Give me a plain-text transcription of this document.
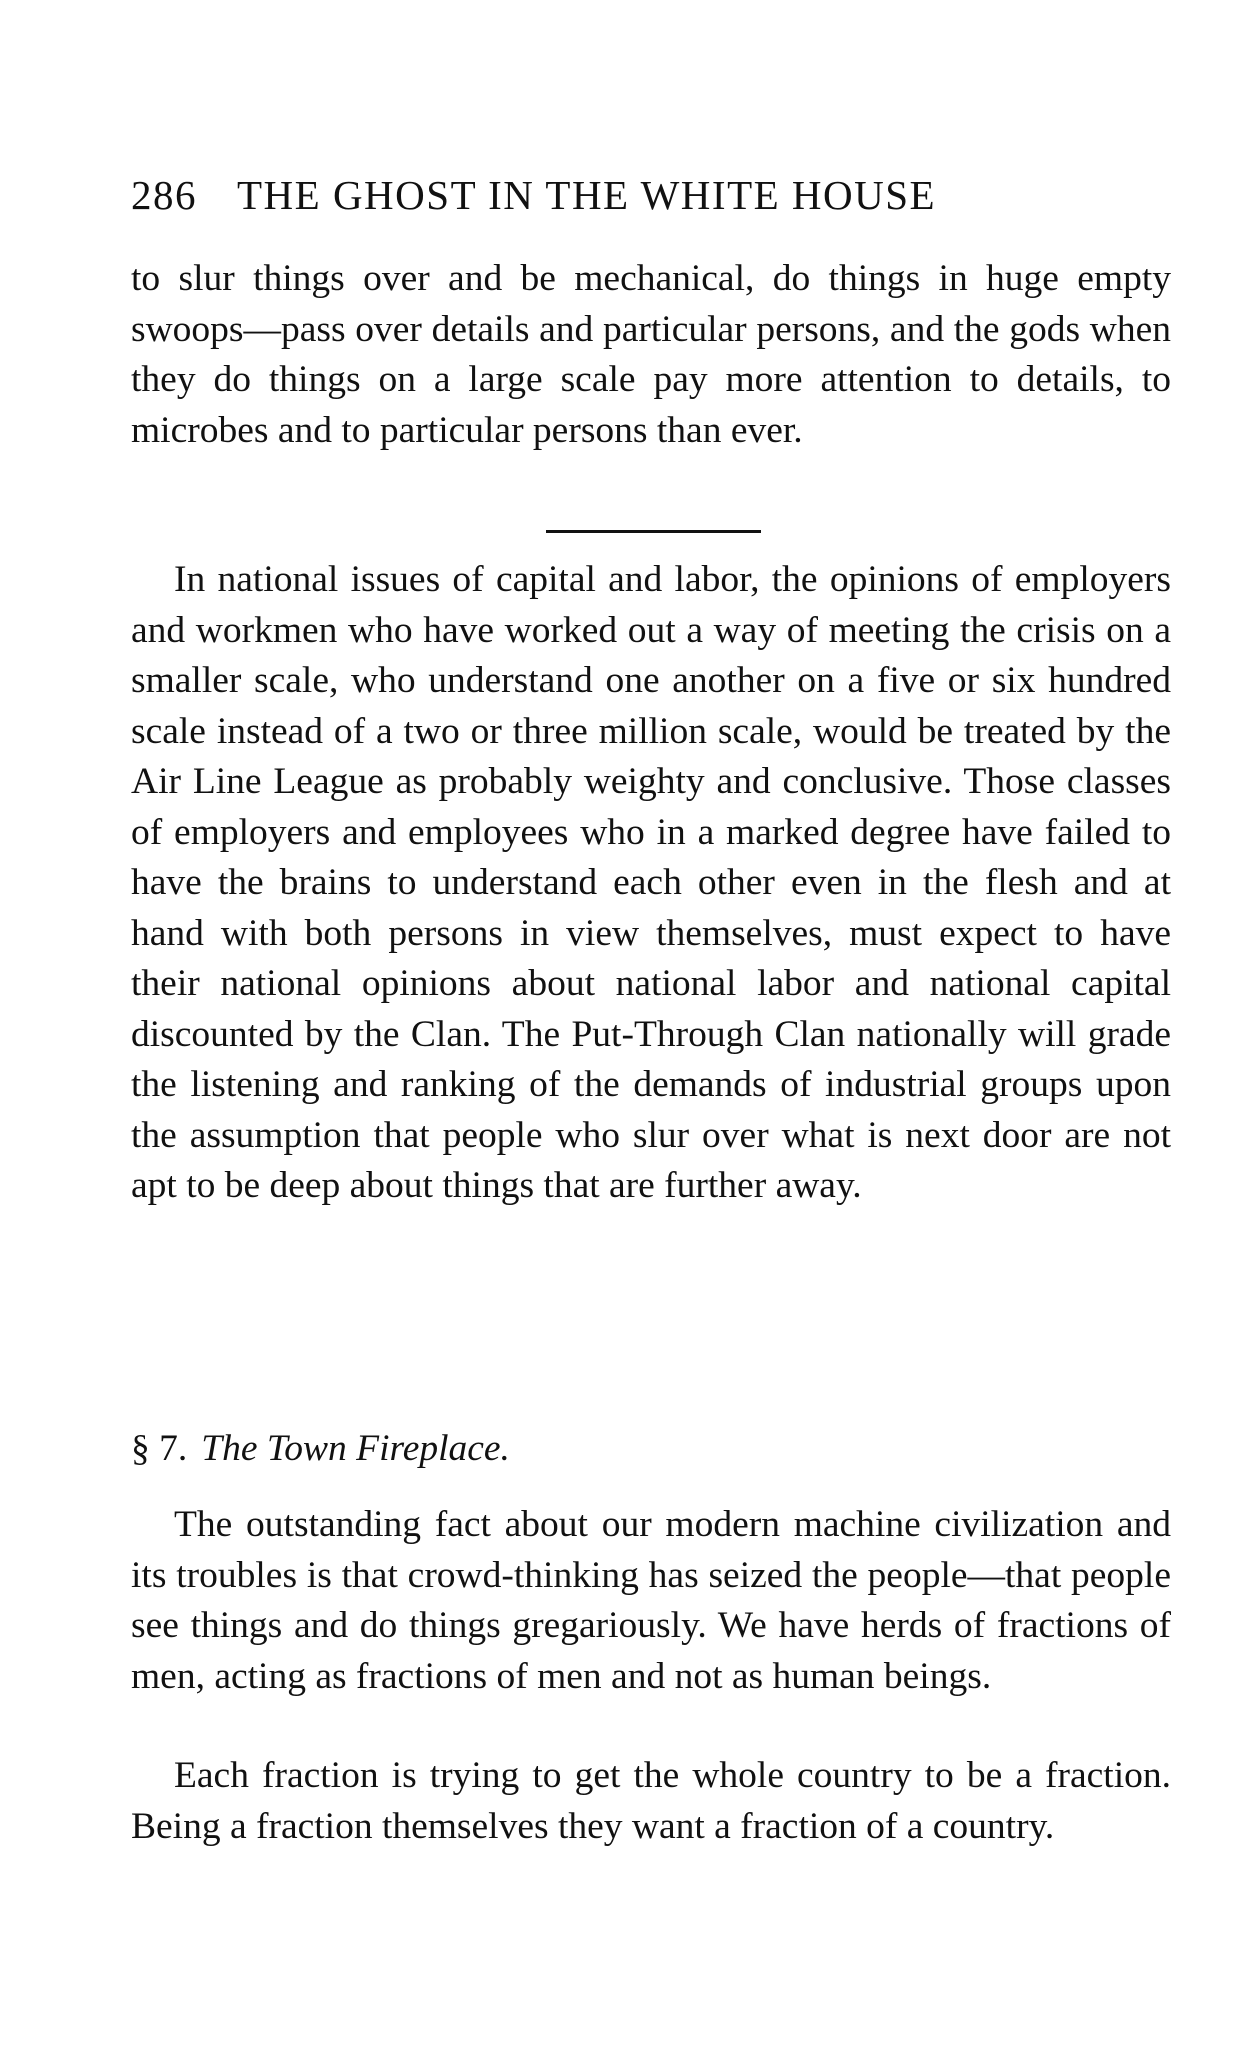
286 THE GHOST IN THE WHITE HOUSE

to slur things over and be mechanical, do things in huge empty swoops—pass over details and particular persons, and the gods when they do things on a large scale pay more attention to details, to microbes and to particular persons than ever.

In national issues of capital and labor, the opinions of employers and workmen who have worked out a way of meeting the crisis on a smaller scale, who understand one another on a five or six hundred scale instead of a two or three million scale, would be treated by the Air Line League as probably weighty and conclusive. Those classes of employers and employees who in a marked degree have failed to have the brains to understand each other even in the flesh and at hand with both persons in view themselves, must expect to have their national opinions about national labor and national capital discounted by the Clan. The Put-Through Clan nationally will grade the listening and ranking of the demands of industrial groups upon the assumption that people who slur over what is next door are not apt to be deep about things that are further away.

§ 7. The Town Fireplace.

The outstanding fact about our modern machine civilization and its troubles is that crowd-thinking has seized the people—that people see things and do things gregariously. We have herds of fractions of men, acting as fractions of men and not as human beings.

Each fraction is trying to get the whole country to be a fraction. Being a fraction themselves they want a fraction of a country.
